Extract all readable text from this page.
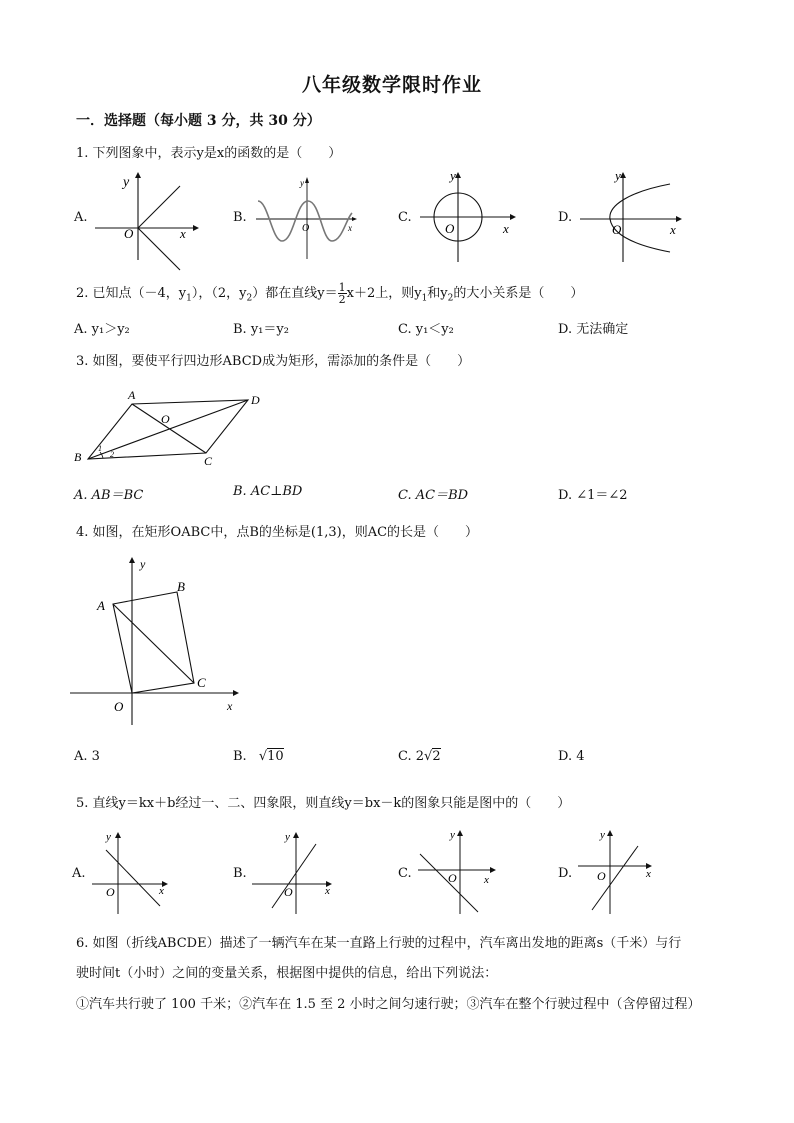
八年级数学限时作业
一．选择题（每小题 3 分，共 30 分）
1. 下列图象中，表示y是x的函数的是（　　）
A.
y
O	x
B.
y
O	x
C.
y
O	x
D.
y
O	x
2. 已知点（－4，$y_1$），（2，$y_2$）都在直线$y= \frac{1}{2} x+2$上，则$y_1$和$y_2$的大小关系是（　　）
A. y₁＞y₂	B. y₁＝y₂	C. y₁＜y₂	D. 无法确定
3. 如图，要使平行四边形ABCD成为矩形，需添加的条件是（　　）
A	D
B	C
O
1
2
A. AB＝BC	B. AC⊥BD	C. AC＝BD	D. ∠1＝∠2
4. 如图，在矩形OABC中，点B的坐标是(1,3)，则AC的长是（　　）
y
x
O
A
B
C
A. 3	B. √10	C. 2√2	D. 4
5. 直线y＝kx＋b经过一、二、四象限，则直线y＝bx－k的图象只能是图中的（　　）
A.
y
O	x
B.
y
O	x
C.
y
O x	D.
y
O	x
6. 如图（折线ABCDE）描述了一辆汽车在某一直路上行驶的过程中，汽车离出发地的距离s（千米）与行
驶时间t（小时）之间的变量关系，根据图中提供的信息，给出下列说法：
①汽车共行驶了 100 千米；②汽车在 1.5 至 2 小时之间匀速行驶；③汽车在整个行驶过程中（含停留过程）
